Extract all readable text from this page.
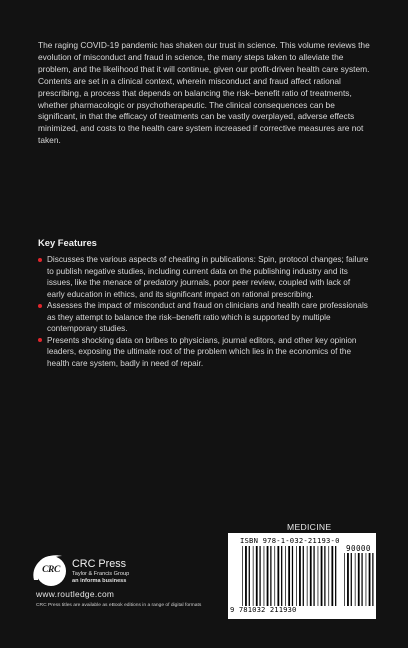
The raging COVID-19 pandemic has shaken our trust in science. This volume reviews the evolution of misconduct and fraud in science, the many steps taken to alleviate the problem, and the likelihood that it will continue, given our profit-driven health care system. Contents are set in a clinical context, wherein misconduct and fraud affect rational prescribing, a process that depends on balancing the risk–benefit ratio of treatments, whether pharmacologic or psychotherapeutic. The clinical consequences can be significant, in that the efficacy of treatments can be vastly overplayed, adverse effects minimized, and costs to the health care system increased if corrective measures are not taken.

Key Features
Discusses the various aspects of cheating in publications: Spin, protocol changes; failure to publish negative studies, including current data on the publishing industry and its issues, like the menace of predatory journals, poor peer review, coupled with lack of early education in ethics, and its significant impact on rational prescribing.
Assesses the impact of misconduct and fraud on clinicians and health care professionals as they attempt to balance the risk–benefit ratio which is supported by multiple contemporary studies.
Presents shocking data on bribes to physicians, journal editors, and other key opinion leaders, exposing the ultimate root of the problem which lies in the economics of the health care system, badly in need of repair.
MEDICINE
ISBN 978-1-032-21193-0
90000
9 781032 211930
CRC	CRC Press
Taylor & Francis Group
an informa business
www.routledge.com
CRC Press titles are available as eBook editions in a range of digital formats
